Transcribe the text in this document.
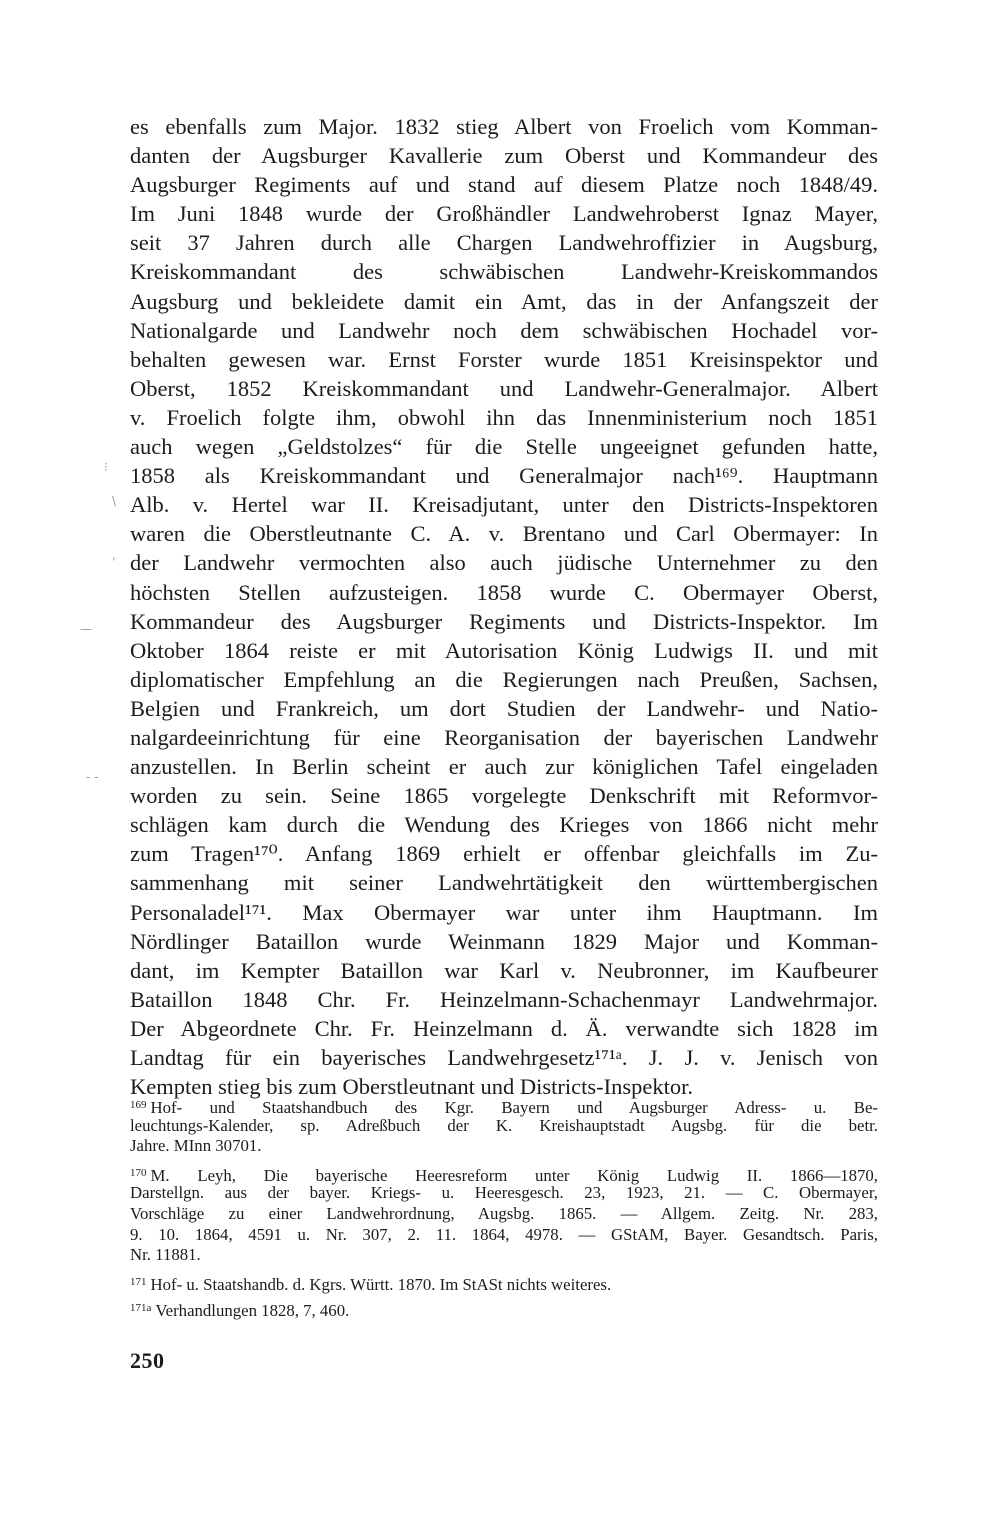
es ebenfalls zum Major. 1832 stieg Albert von Froelich vom Komman-
danten der Augsburger Kavallerie zum Oberst und Kommandeur des
Augsburger Regiments auf und stand auf diesem Platze noch 1848/49.
Im Juni 1848 wurde der Großhändler Landwehroberst Ignaz Mayer,
seit 37 Jahren durch alle Chargen Landwehroffizier in Augsburg,
Kreiskommandant des schwäbischen Landwehr-Kreiskommandos
Augsburg und bekleidete damit ein Amt, das in der Anfangszeit der
Nationalgarde und Landwehr noch dem schwäbischen Hochadel vor-
behalten gewesen war. Ernst Forster wurde 1851 Kreisinspektor und
Oberst, 1852 Kreiskommandant und Landwehr-Generalmajor. Albert
v. Froelich folgte ihm, obwohl ihn das Innenministerium noch 1851
auch wegen „Geldstolzes“ für die Stelle ungeeignet gefunden hatte,
1858 als Kreiskommandant und Generalmajor nach¹⁶⁹. Hauptmann
Alb. v. Hertel war II. Kreisadjutant, unter den Districts-Inspektoren
waren die Oberstleutnante C. A. v. Brentano und Carl Obermayer: In
der Landwehr vermochten also auch jüdische Unternehmer zu den
höchsten Stellen aufzusteigen. 1858 wurde C. Obermayer Oberst,
Kommandeur des Augsburger Regiments und Districts-Inspektor. Im
Oktober 1864 reiste er mit Autorisation König Ludwigs II. und mit
diplomatischer Empfehlung an die Regierungen nach Preußen, Sachsen,
Belgien und Frankreich, um dort Studien der Landwehr- und Natio-
nalgardeeinrichtung für eine Reorganisation der bayerischen Landwehr
anzustellen. In Berlin scheint er auch zur königlichen Tafel eingeladen
worden zu sein. Seine 1865 vorgelegte Denkschrift mit Reformvor-
schlägen kam durch die Wendung des Krieges von 1866 nicht mehr
zum Tragen¹⁷⁰. Anfang 1869 erhielt er offenbar gleichfalls im Zu-
sammenhang mit seiner Landwehrtätigkeit den württembergischen
Personaladel¹⁷¹. Max Obermayer war unter ihm Hauptmann. Im
Nördlinger Bataillon wurde Weinmann 1829 Major und Komman-
dant, im Kempter Bataillon war Karl v. Neubronner, im Kaufbeurer
Bataillon 1848 Chr. Fr. Heinzelmann-Schachenmayr Landwehrmajor.
Der Abgeordnete Chr. Fr. Heinzelmann d. Ä. verwandte sich 1828 im
Landtag für ein bayerisches Landwehrgesetz¹⁷¹ᵃ. J. J. v. Jenisch von
Kempten stieg bis zum Oberstleutnant und Districts-Inspektor.
$^{169}$ Hof- und Staatshandbuch des Kgr. Bayern und Augsburger Adress- u. Be-
leuchtungs-Kalender, sp. Adreßbuch der K. Kreishauptstadt Augsbg. für die betr.
Jahre. MInn 30701.
$^{170}$ M. Leyh, Die bayerische Heeresreform unter König Ludwig II. 1866—1870,
Darstellgn. aus der bayer. Kriegs- u. Heeresgesch. 23, 1923, 21. — C. Obermayer,
Vorschläge zu einer Landwehrordnung, Augsbg. 1865. — Allgem. Zeitg. Nr. 283,
9. 10. 1864, 4591 u. Nr. 307, 2. 11. 1864, 4978. — GStAM, Bayer. Gesandtsch. Paris,
Nr. 11881.
$^{171}$ Hof- u. Staatshandb. d. Kgrs. Württ. 1870. Im StASt nichts weiteres.
$^{171a}$ Verhandlungen 1828, 7, 460.
250
⁝
\
,
—
- -
